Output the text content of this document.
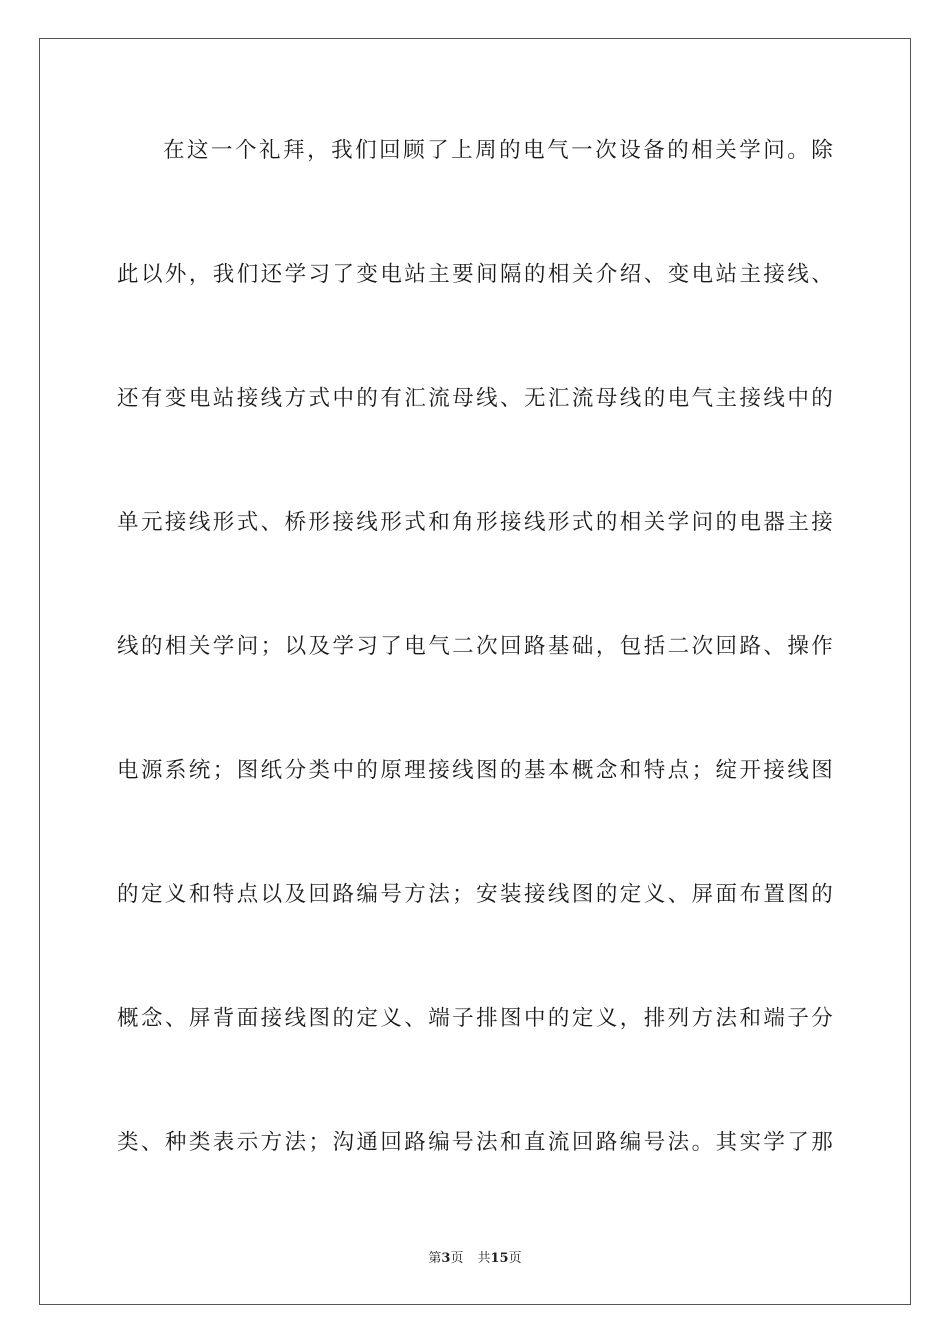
在这一个礼拜，我们回顾了上周的电气一次设备的相关学问。除
此以外，我们还学习了变电站主要间隔的相关介绍、变电站主接线、
还有变电站接线方式中的有汇流母线、无汇流母线的电气主接线中的
单元接线形式、桥形接线形式和角形接线形式的相关学问的电器主接
线的相关学问；以及学习了电气二次回路基础，包括二次回路、操作
电源系统；图纸分类中的原理接线图的基本概念和特点；绽开接线图
的定义和特点以及回路编号方法；安装接线图的定义、屏面布置图的
概念、屏背面接线图的定义、端子排图中的定义，排列方法和端子分
类、种类表示方法；沟通回路编号法和直流回路编号法。其实学了那
第3页 共15页
